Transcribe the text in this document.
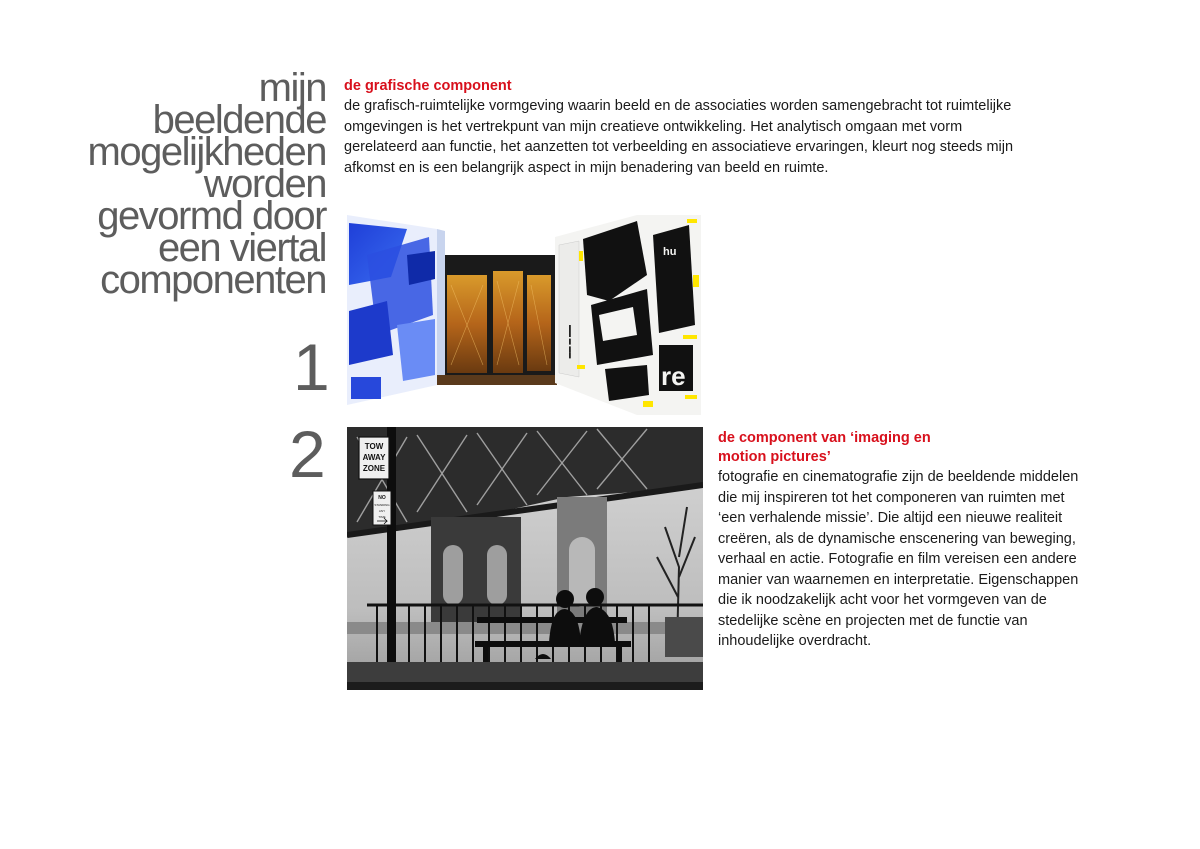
mijn
beeldende
mogelijkheden
worden
gevormd door
een viertal
componenten
1
2
de grafische component

de grafisch-ruimtelijke vormgeving waarin beeld en de associaties worden samengebracht tot ruimtelijke omgevingen is het vertrekpunt van mijn creatieve ontwikkeling. Het analytisch omgaan met vorm gerelateerd aan functie, het aanzetten tot verbeelding en associatieve ervaringen, kleurt nog steeds mijn afkomst en is een belangrijk aspect in mijn benadering van beeld en ruimte.

▬▬ ▬ ▬▬
hu
re
TOW
AWAY
ZONE
NO
STANDING
ANY
TIME
de component van ‘imaging en motion pictures’

fotografie en cinematografie zijn de beeldende middelen die mij inspireren tot het componeren van ruimten met ‘een verhalende missie’. Die altijd een nieuwe realiteit creëren, als de dynamische enscenering van beweging, verhaal en actie. Fotografie en film vereisen een andere manier van waarnemen en interpretatie. Eigenschappen die ik noodzakelijk acht voor het vormgeven van de stedelijke scène en projecten met de functie van inhoudelijke overdracht.
